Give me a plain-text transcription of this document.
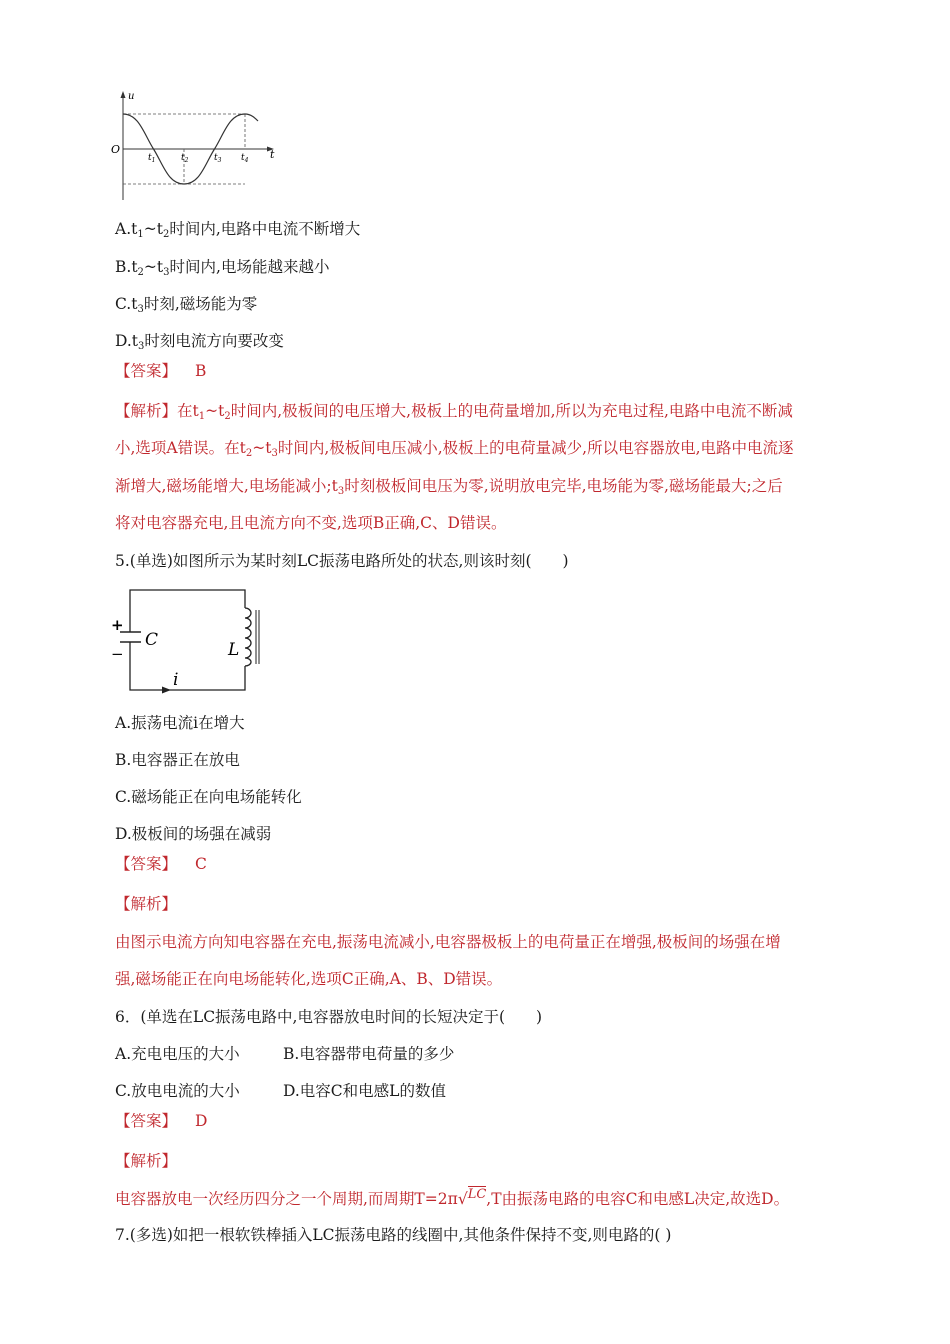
u
O	t
$t_1$	$t_2$	$t_3$ $t_4$
$A.t_1\sim t_2$时间内,电路中电流不断增大
$B.t_2\sim t_3$时间内,电场能越来越小
$C.t_3$时刻,磁场能为零
$D.t_3$时刻电流方向要改变
【答案】 B
【解析】在$t_1\sim t_2$时间内,极板间的电压增大,极板上的电荷量增加,所以为充电过程,电路中电流不断减
小,选项A错误。在$t_2\sim t_3$时间内,极板间电压减小,极板上的电荷量减少,所以电容器放电,电路中电流逐
渐增大,磁场能增大,电场能减小$;t_3$时刻极板间电压为零,说明放电完毕,电场能为零,磁场能最大;之后
将对电容器充电,且电流方向不变,选项B正确,C、D错误。
5.(单选)如图所示为某时刻LC振荡电路所处的状态,则该时刻(　　)
+
−
C	L
i
A.振荡电流i在增大
B.电容器正在放电
C.磁场能正在向电场能转化
D.极板间的场强在减弱
【答案】 C
【解析】
由图示电流方向知电容器在充电,振荡电流减小,电容器极板上的电荷量正在增强,极板间的场强在增
强,磁场能正在向电场能转化,选项C正确,A、B、D错误。
6．(单选在LC振荡电路中,电容器放电时间的长短决定于(　　)
A.充电电压的大小	B.电容器带电荷量的多少
C.放电电流的大小	D.电容C和电感L的数值
【答案】 D
【解析】
电容器放电一次经历四分之一个周期,而周期T=2π√$^{LC}$,T由振荡电路的电容C和电感L决定,故选D。
7.(多选)如把一根软铁棒插入LC振荡电路的线圈中,其他条件保持不变,则电路的( )
